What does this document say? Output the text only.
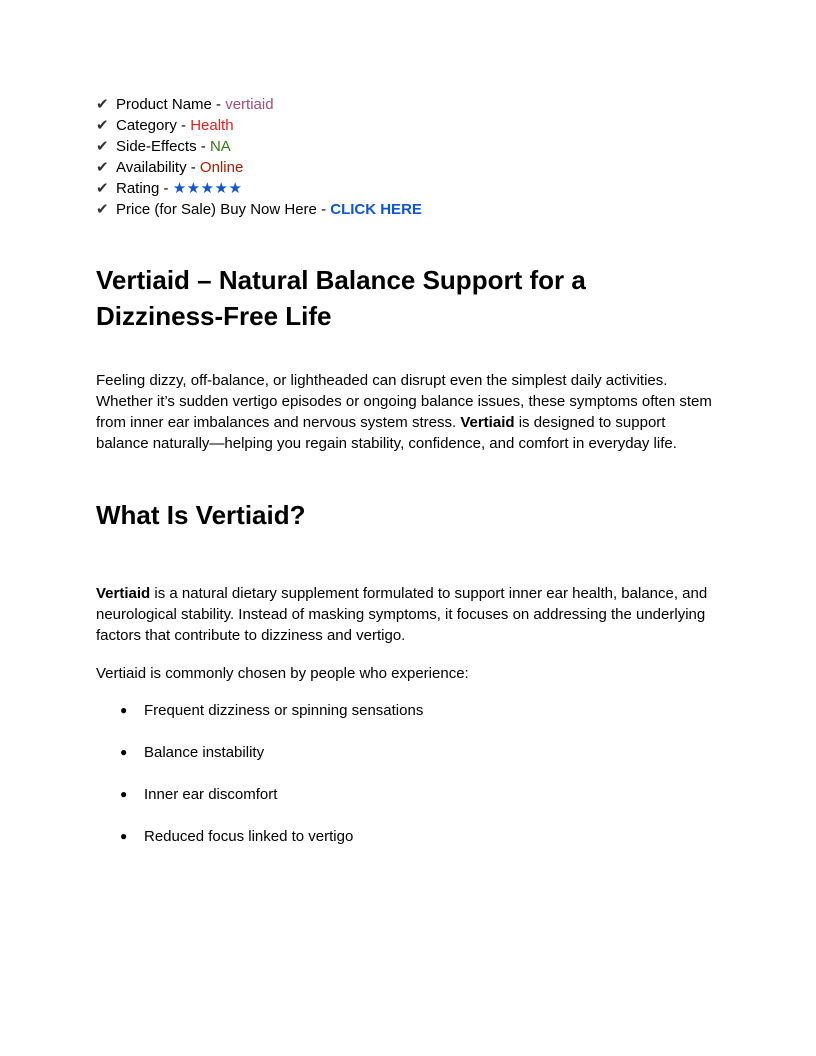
✔ Product Name - vertiaid
✔ Category - Health
✔ Side-Effects - NA
✔ Availability - Online
✔ Rating - ★★★★★
✔ Price (for Sale) Buy Now Here - CLICK HERE
Vertiaid – Natural Balance Support for a
Dizziness-Free Life

Feeling dizzy, off-balance, or lightheaded can disrupt even the simplest daily activities. Whether it’s sudden vertigo episodes or ongoing balance issues, these symptoms often stem from inner ear imbalances and nervous system stress. Vertiaid is designed to support balance naturally—helping you regain stability, confidence, and comfort in everyday life.

What Is Vertiaid?

Vertiaid is a natural dietary supplement formulated to support inner ear health, balance, and neurological stability. Instead of masking symptoms, it focuses on addressing the underlying factors that contribute to dizziness and vertigo.

Vertiaid is commonly chosen by people who experience:

● Frequent dizziness or spinning sensations
● Balance instability
● Inner ear discomfort
● Reduced focus linked to vertigo
